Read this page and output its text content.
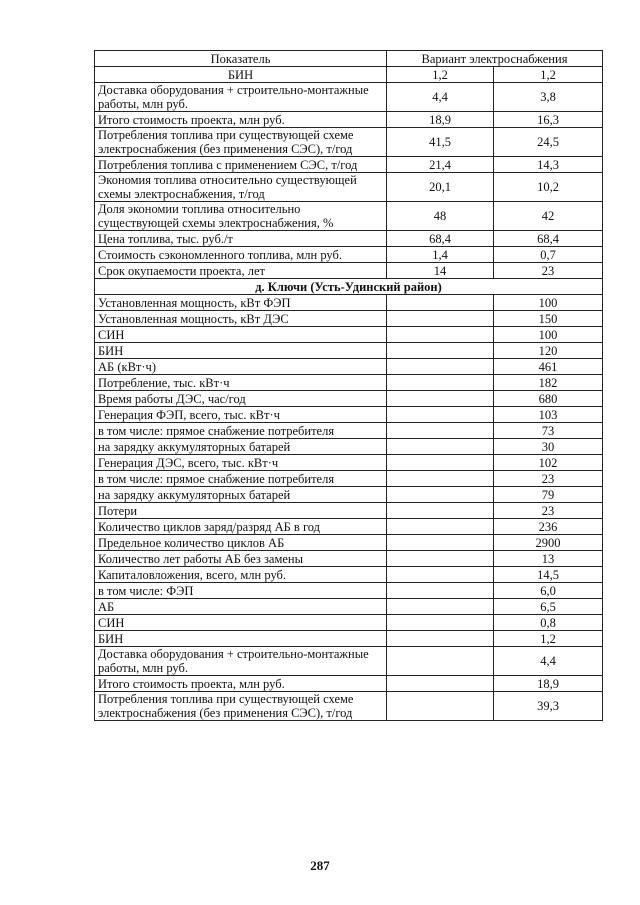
Показатель	Вариант электроснабжения	
БИН	1,2	1,2
Доставка оборудования + строительно-монтажные работы, млн руб.	4,4	3,8
Итого стоимость проекта, млн руб.	18,9	16,3
Потребления топлива при существующей схеме электроснабжения (без применения СЭС), т/год	41,5	24,5
Потребления топлива с применением СЭС, т/год	21,4	14,3
Экономия топлива относительно существующей схемы электроснабжения, т/год	20,1	10,2
Доля экономии топлива относительно существующей схемы электроснабжения, %	48	42
Цена топлива, тыс. руб./т	68,4	68,4
Стоимость сэкономленного топлива, млн руб.	1,4	0,7
Срок окупаемости проекта, лет	14	23
д. Ключи (Усть-Удинский район)		
Установленная мощность, кВт ФЭП		100
Установленная мощность, кВт ДЭС		150
СИН		100
БИН		120
АБ (кВт·ч)		461
Потребление, тыс. кВт·ч		182
Время работы ДЭС, час/год		680
Генерация ФЭП, всего, тыс. кВт·ч		103
в том числе: прямое снабжение потребителя		73
на зарядку аккумуляторных батарей		30
Генерация ДЭС, всего, тыс. кВт·ч		102
в том числе: прямое снабжение потребителя		23
на зарядку аккумуляторных батарей		79
Потери		23
Количество циклов заряд/разряд АБ в год		236
Предельное количество циклов АБ		2900
Количество лет работы АБ без замены		13
Капиталовложения, всего, млн руб.		14,5
в том числе: ФЭП		6,0
АБ		6,5
СИН		0,8
БИН		1,2
Доставка оборудования + строительно-монтажные работы, млн руб.		4,4
Итого стоимость проекта, млн руб.		18,9
Потребления топлива при существующей схеме электроснабжения (без применения СЭС), т/год		39,3
287
